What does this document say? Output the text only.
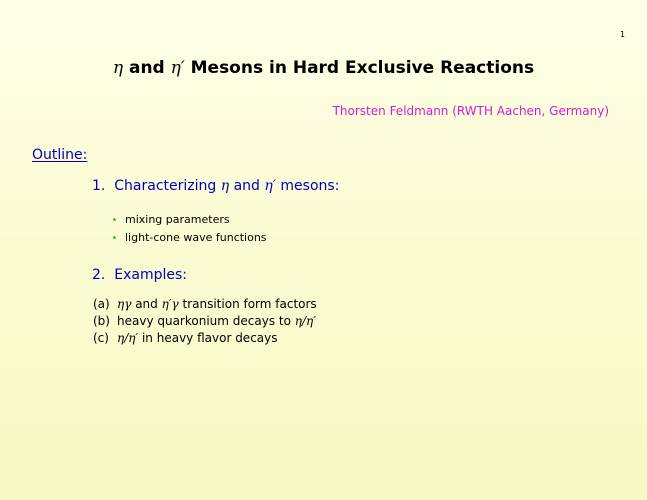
1
η and η′ Mesons in Hard Exclusive Reactions
Thorsten Feldmann (RWTH Aachen, Germany)
Outline:
1. Characterizing η and η′ mesons:
⋆ mixing parameters
⋆ light-cone wave functions
2. Examples:
(a) ηγ and η′γ transition form factors
(b) heavy quarkonium decays to η/η′
(c) η/η′ in heavy flavor decays
